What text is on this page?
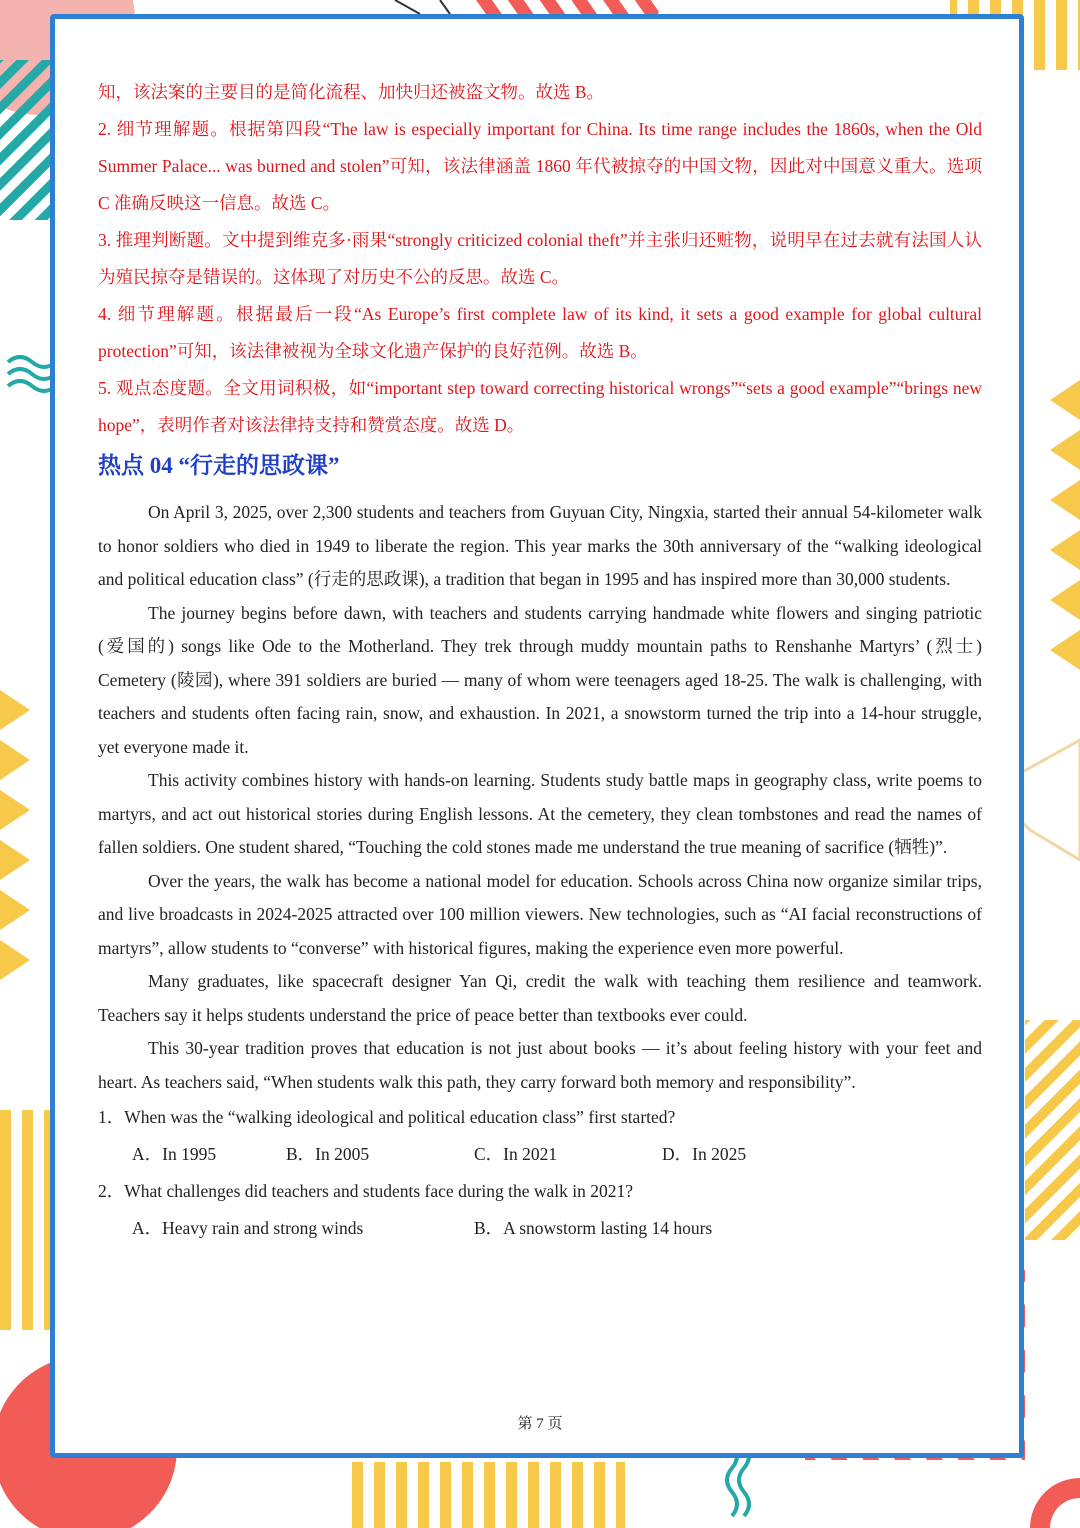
知，该法案的主要目的是简化流程、加快归还被盗文物。故选 B。

2. 细节理解题。根据第四段“The law is especially important for China. Its time range includes the 1860s, when the Old Summer Palace... was burned and stolen”可知，该法律涵盖 1860 年代被掠夺的中国文物，因此对中国意义重大。选项 C 准确反映这一信息。故选 C。

3. 推理判断题。文中提到维克多·雨果“strongly criticized colonial theft”并主张归还赃物，说明早在过去就有法国人认为殖民掠夺是错误的。这体现了对历史不公的反思。故选 C。

4. 细节理解题。根据最后一段“As Europe’s first complete law of its kind, it sets a good example for global cultural protection”可知，该法律被视为全球文化遗产保护的良好范例。故选 B。

5. 观点态度题。全文用词积极，如“important step toward correcting historical wrongs”“sets a good example”“brings new hope”，表明作者对该法律持支持和赞赏态度。故选 D。

热点 04 “行走的思政课”

On April 3, 2025, over 2,300 students and teachers from Guyuan City, Ningxia, started their annual 54-kilometer walk to honor soldiers who died in 1949 to liberate the region. This year marks the 30th anniversary of the “walking ideological and political education class” (行走的思政课), a tradition that began in 1995 and has inspired more than 30,000 students.

The journey begins before dawn, with teachers and students carrying handmade white flowers and singing patriotic (爱国的) songs like Ode to the Motherland. They trek through muddy mountain paths to Renshanhe Martyrs’ (烈士) Cemetery (陵园), where 391 soldiers are buried — many of whom were teenagers aged 18-25. The walk is challenging, with teachers and students often facing rain, snow, and exhaustion. In 2021, a snowstorm turned the trip into a 14-hour struggle, yet everyone made it.

This activity combines history with hands-on learning. Students study battle maps in geography class, write poems to martyrs, and act out historical stories during English lessons. At the cemetery, they clean tombstones and read the names of fallen soldiers. One student shared, “Touching the cold stones made me understand the true meaning of sacrifice (牺牲)”.

Over the years, the walk has become a national model for education. Schools across China now organize similar trips, and live broadcasts in 2024-2025 attracted over 100 million viewers. New technologies, such as “AI facial reconstructions of martyrs”, allow students to “converse” with historical figures, making the experience even more powerful.

Many graduates, like spacecraft designer Yan Qi, credit the walk with teaching them resilience and teamwork. Teachers say it helps students understand the price of peace better than textbooks ever could.

This 30-year tradition proves that education is not just about books — it’s about feeling history with your feet and heart. As teachers said, “When students walk this path, they carry forward both memory and responsibility”.

1．When was the “walking ideological and political education class” first started?

A．In 1995	B．In 2005	C．In 2021	D．In 2025

2．What challenges did teachers and students face during the walk in 2021?

A．Heavy rain and strong winds	B．A snowstorm lasting 14 hours
第 7 页
